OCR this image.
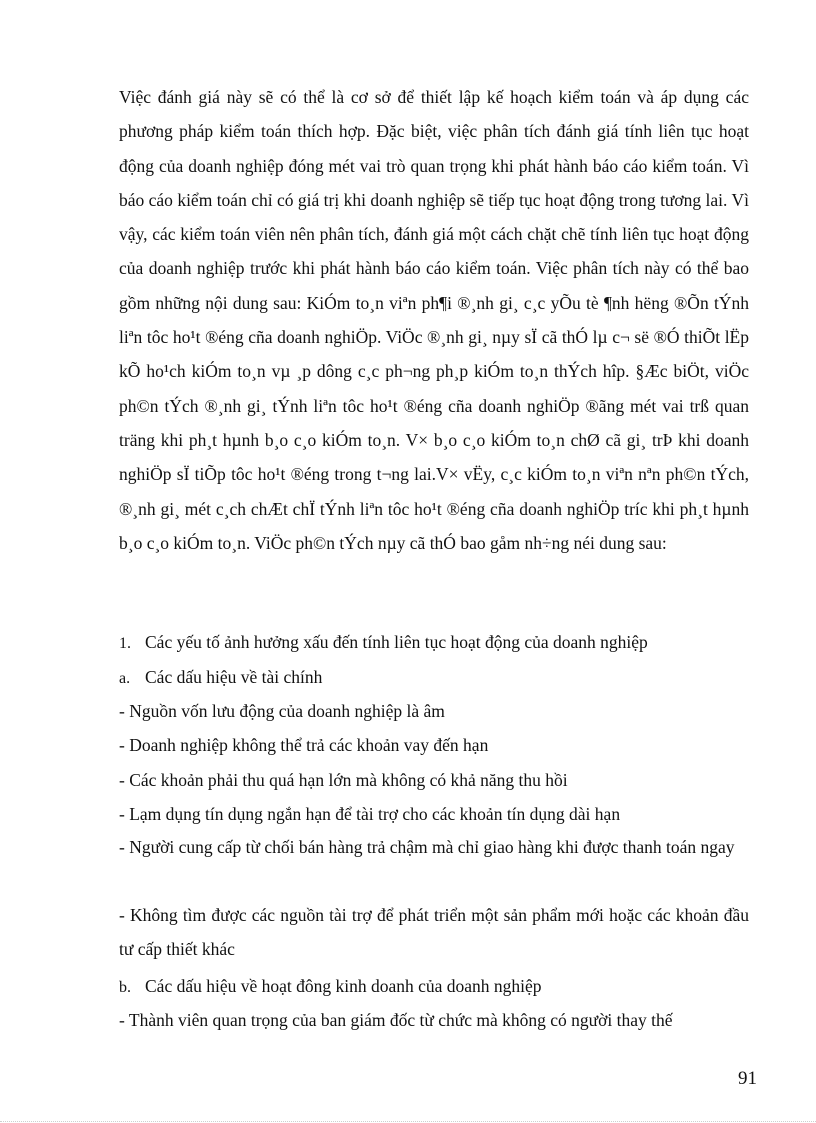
Việc đánh giá này sẽ có thể là cơ sở để thiết lập kế hoạch kiểm toán và áp dụng các phương pháp kiểm toán thích hợp. Đặc biệt, việc phân tích đánh giá tính liên tục hoạt động của doanh nghiệp đóng mét vai trò quan trọng khi phát hành báo cáo kiểm toán. Vì báo cáo kiểm toán chỉ có giá trị khi doanh nghiệp sẽ tiếp tục hoạt động trong tương lai. Vì vậy, các kiểm toán viên nên phân tích, đánh giá một cách chặt chẽ tính liên tục hoạt động của doanh nghiệp trước khi phát hành báo cáo kiểm toán. Việc phân tích này có thể bao gồm những nội dung sau: KiÓm to¸n viªn ph¶i ®¸nh gi¸ c¸c yÕu tè ¶nh hëng ®Õn tÝnh liªn tôc ho¹t ®éng cña doanh nghiÖp. ViÖc ®¸nh gi¸ nµy sÏ cã thÓ lµ c¬ së ®Ó thiÕt lËp kÕ ho¹ch kiÓm to¸n vµ ¸p dông c¸c ph¬ng ph¸p kiÓm to¸n thÝch hîp. §Æc biÖt, viÖc ph©n tÝch ®¸nh gi¸ tÝnh liªn tôc ho¹t ®éng cña doanh nghiÖp ®ãng mét vai trß quan träng khi ph¸t hµnh b¸o c¸o kiÓm to¸n. V× b¸o c¸o kiÓm to¸n chØ cã gi¸ trÞ khi doanh nghiÖp sÏ tiÕp tôc ho¹t ®éng trong t¬ng lai.V× vËy, c¸c kiÓm to¸n viªn nªn ph©n tÝch, ®¸nh gi¸ mét c¸ch chÆt chÏ tÝnh liªn tôc ho¹t ®éng cña doanh nghiÖp tríc khi ph¸t hµnh b¸o c¸o kiÓm to¸n. ViÖc ph©n tÝch nµy cã thÓ bao gåm nh÷ng néi dung sau:

1. Các yếu tố ảnh hưởng xấu đến tính liên tục hoạt động của doanh nghiệp
a. Các dấu hiệu về tài chính
- Nguồn vốn lưu động của doanh nghiệp là âm
- Doanh nghiệp không thể trả các khoản vay đến hạn
- Các khoản phải thu quá hạn lớn mà không có khả năng thu hồi
- Lạm dụng tín dụng ngắn hạn để tài trợ cho các khoản tín dụng dài hạn

- Người cung cấp từ chối bán hàng trả chậm mà chỉ giao hàng khi được thanh toán ngay

- Không tìm được các nguồn tài trợ để phát triển một sản phẩm mới hoặc các khoản đầu tư cấp thiết khác

b. Các dấu hiệu về hoạt đông kinh doanh của doanh nghiệp
- Thành viên quan trọng của ban giám đốc từ chức mà không có người thay thế
91
